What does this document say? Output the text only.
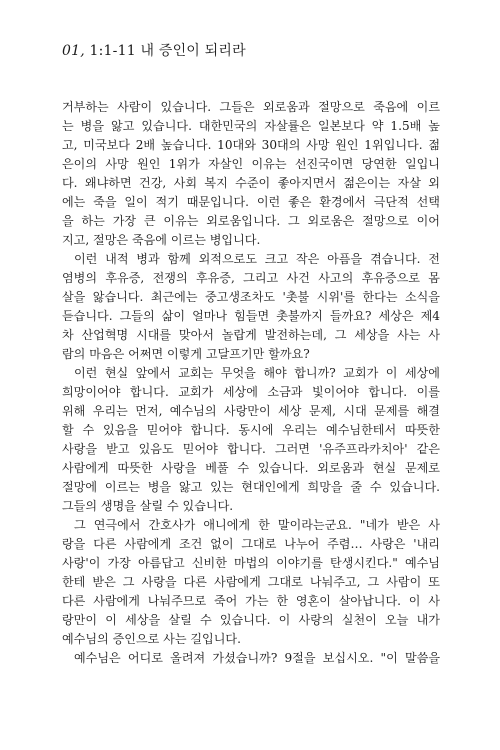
01, 1:1-11 내 증인이 되리라
거부하는 사람이 있습니다. 그들은 외로움과 절망으로 죽음에 이르
는 병을 앓고 있습니다. 대한민국의 자살률은 일본보다 약 1.5배 높
고, 미국보다 2배 높습니다. 10대와 30대의 사망 원인 1위입니다. 젊
은이의 사망 원인 1위가 자살인 이유는 선진국이면 당연한 일입니
다. 왜냐하면 건강, 사회 복지 수준이 좋아지면서 젊은이는 자살 외
에는 죽을 일이 적기 때문입니다. 이런 좋은 환경에서 극단적 선택
을 하는 가장 큰 이유는 외로움입니다. 그 외로움은 절망으로 이어
지고, 절망은 죽음에 이르는 병입니다.
이런 내적 병과 함께 외적으로도 크고 작은 아픔을 겪습니다. 전
염병의 후유증, 전쟁의 후유증, 그리고 사건 사고의 후유증으로 몸
살을 앓습니다. 최근에는 중고생조차도 '촛불 시위'를 한다는 소식을
듣습니다. 그들의 삶이 얼마나 힘들면 촛불까지 들까요? 세상은 제4
차 산업혁명 시대를 맞아서 놀랍게 발전하는데, 그 세상을 사는 사
람의 마음은 어쩌면 이렇게 고달프기만 할까요?
이런 현실 앞에서 교회는 무엇을 해야 합니까? 교회가 이 세상에
희망이어야 합니다. 교회가 세상에 소금과 빛이어야 합니다. 이를
위해 우리는 먼저, 예수님의 사랑만이 세상 문제, 시대 문제를 해결
할 수 있음을 믿어야 합니다. 동시에 우리는 예수님한테서 따뜻한
사랑을 받고 있음도 믿어야 합니다. 그러면 '유주프라카치아' 같은
사람에게 따뜻한 사랑을 베풀 수 있습니다. 외로움과 현실 문제로
절망에 이르는 병을 앓고 있는 현대인에게 희망을 줄 수 있습니다.
그들의 생명을 살릴 수 있습니다.
그 연극에서 간호사가 애니에게 한 말이라는군요. "네가 받은 사
랑을 다른 사람에게 조건 없이 그대로 나누어 주렴… 사랑은 '내리
사랑'이 가장 아름답고 신비한 마법의 이야기를 탄생시킨다." 예수님
한테 받은 그 사랑을 다른 사람에게 그대로 나눠주고, 그 사람이 또
다른 사람에게 나눠주므로 죽어 가는 한 영혼이 살아납니다. 이 사
랑만이 이 세상을 살릴 수 있습니다. 이 사랑의 실천이 오늘 내가
예수님의 증인으로 사는 길입니다.
예수님은 어디로 올려져 가셨습니까? 9절을 보십시오. "이 말씀을
